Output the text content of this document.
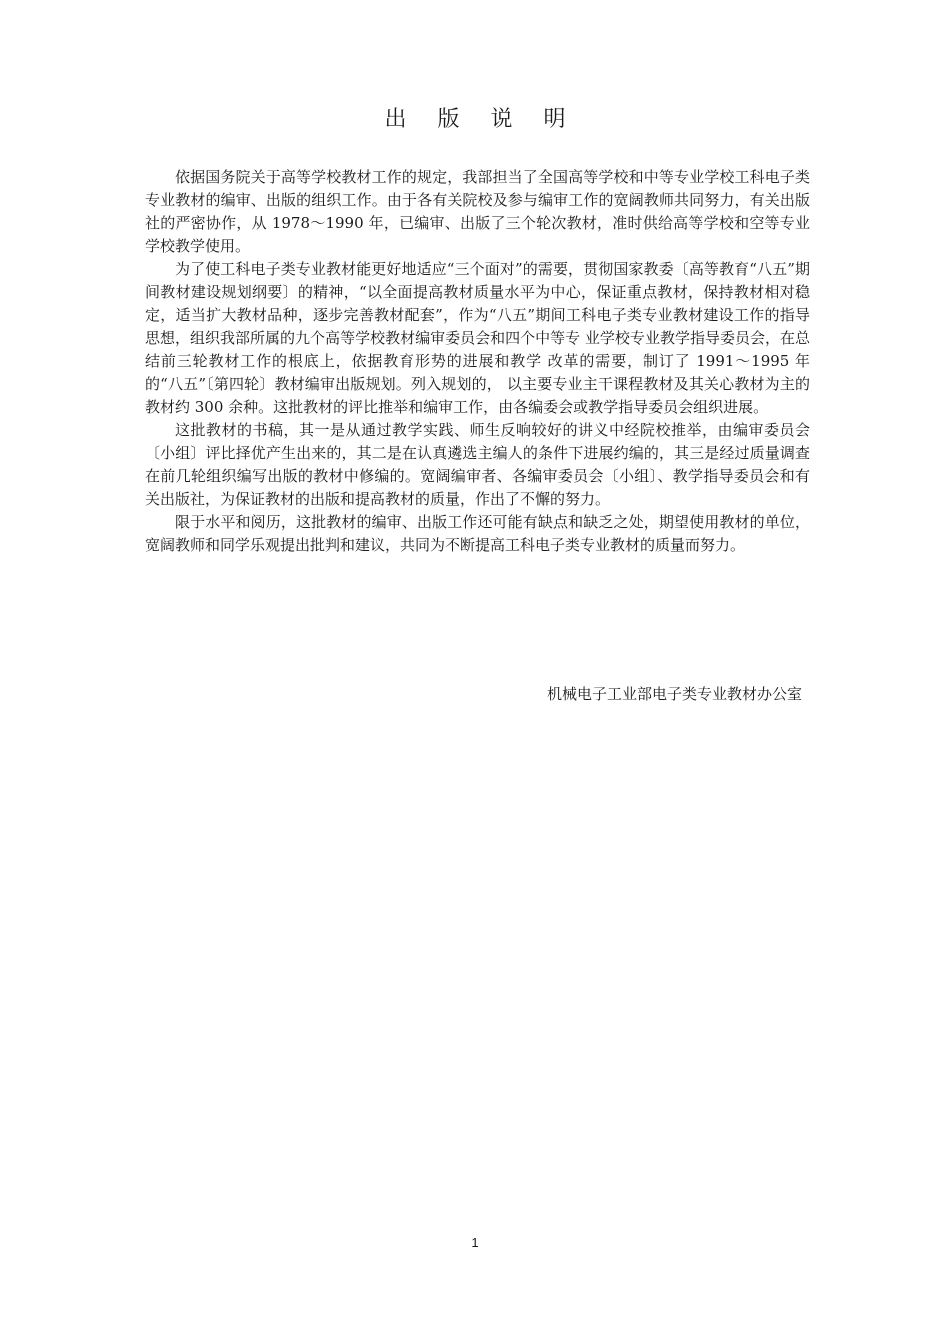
出 版 说 明

依据国务院关于高等学校教材工作的规定，我部担当了全国高等学校和中等专业学校工科电子类专业教材的编审、出版的组织工作。由于各有关院校及参与编审工作的宽阔教师共同努力，有关出版社的严密协作，从 1978～1990 年，已编审、出版了三个轮次教材，准时供给高等学校和空等专业学校教学使用。

为了使工科电子类专业教材能更好地适应“三个面对”的需要，贯彻国家教委〔高等教育“八五”期间教材建设规划纲要〕的精神，“以全面提高教材质量水平为中心，保证重点教材，保持教材相对稳定，适当扩大教材品种，逐步完善教材配套”，作为“八五”期间工科电子类专业教材建设工作的指导思想，组织我部所属的九个高等学校教材编审委员会和四个中等专 业学校专业教学指导委员会，在总结前三轮教材工作的根底上，依据教育形势的进展和教学 改革的需要，制订了 1991～1995 年的“八五”〔第四轮〕教材编审出版规划。列入规划的， 以主要专业主干课程教材及其关心教材为主的教材约 300 余种。这批教材的评比推举和编审工作，由各编委会或教学指导委员会组织进展。

这批教材的书稿，其一是从通过教学实践、师生反响较好的讲义中经院校推举，由编审委员会〔小组〕评比择优产生出来的，其二是在认真遴选主编人的条件下进展约编的，其三是经过质量调查在前几轮组织编写出版的教材中修编的。宽阔编审者、各编审委员会〔小组〕、教学指导委员会和有关出版社，为保证教材的出版和提高教材的质量，作出了不懈的努力。

限于水平和阅历，这批教材的编审、出版工作还可能有缺点和缺乏之处，期望使用教材的单位，宽阔教师和同学乐观提出批判和建议，共同为不断提高工科电子类专业教材的质量而努力。

机械电子工业部电子类专业教材办公室
1
